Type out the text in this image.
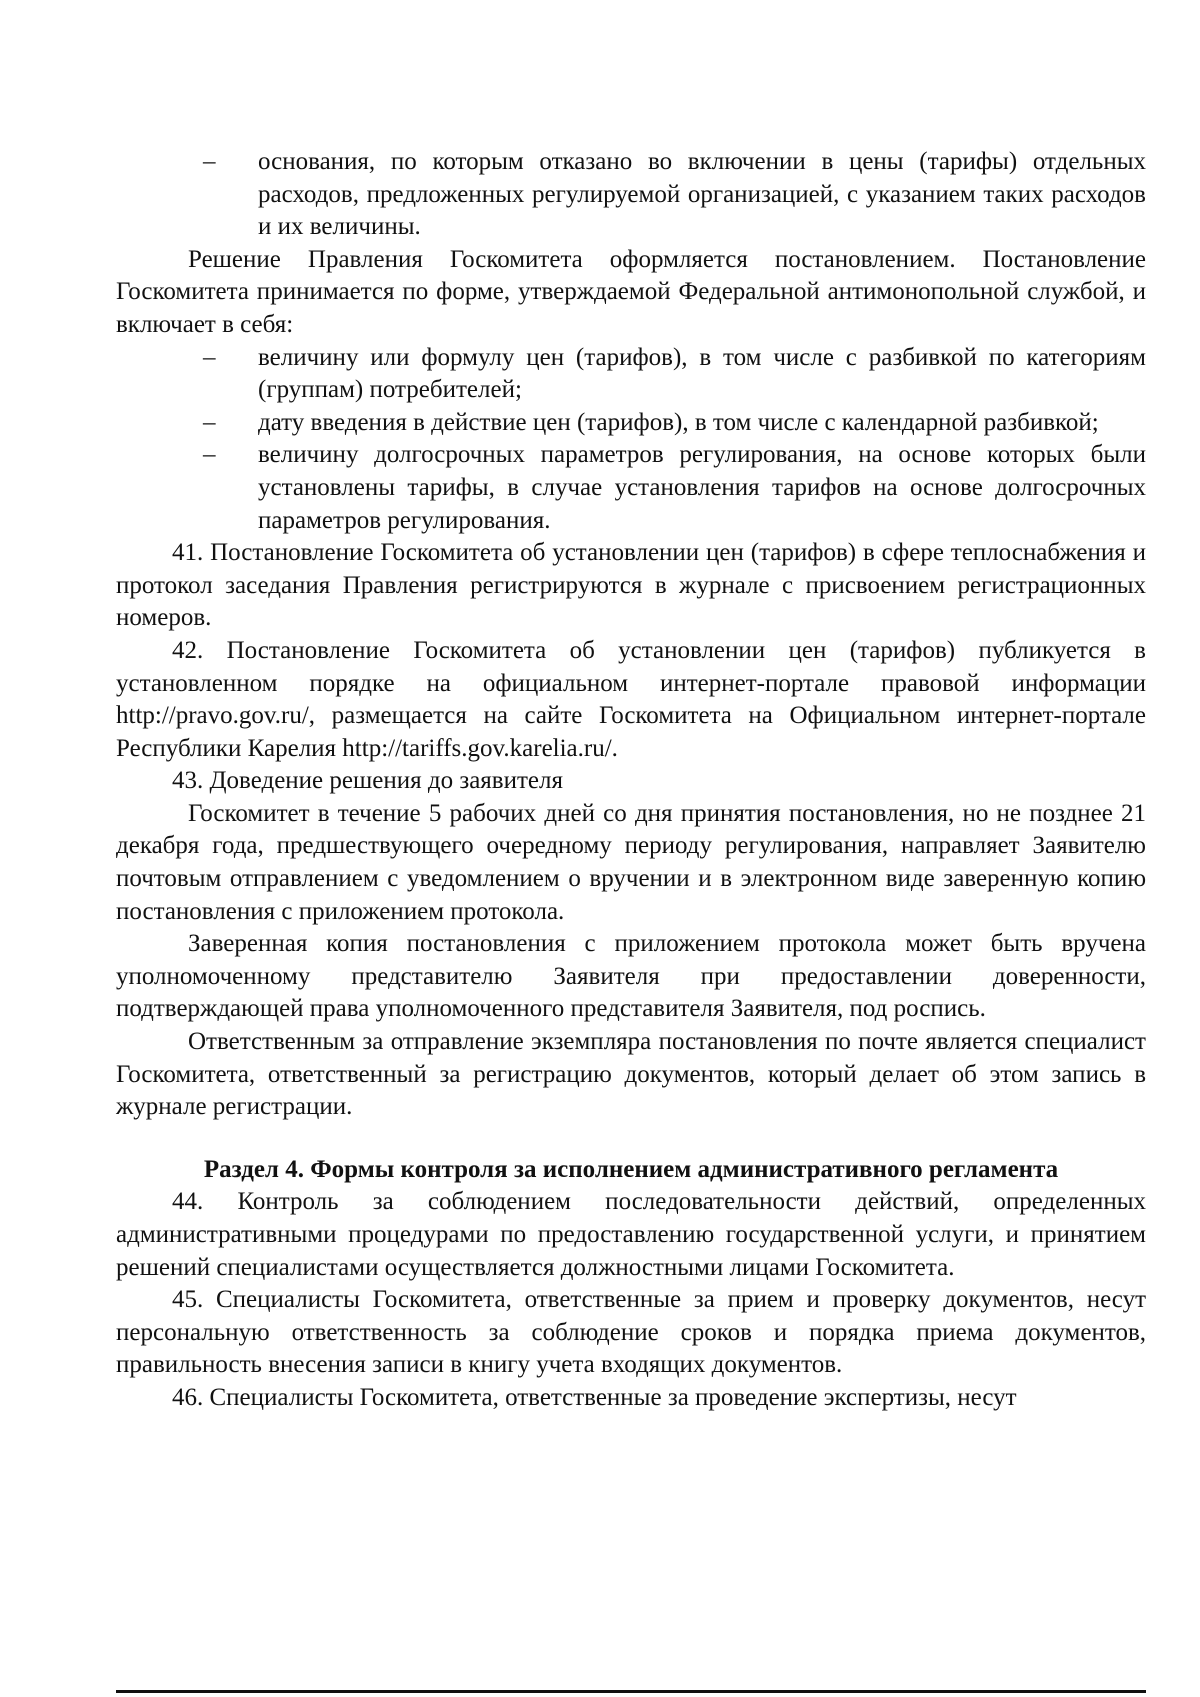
– основания, по которым отказано во включении в цены (тарифы) отдельных расходов, предложенных регулируемой организацией, с указанием таких расходов и их величины.

Решение Правления Госкомитета оформляется постановлением. Постановление Госкомитета принимается по форме, утверждаемой Федеральной антимонопольной службой, и включает в себя:

– величину или формулу цен (тарифов), в том числе с разбивкой по категориям (группам) потребителей;
– дату введения в действие цен (тарифов), в том числе с календарной разбивкой;
– величину долгосрочных параметров регулирования, на основе которых были установлены тарифы, в случае установления тарифов на основе долгосрочных параметров регулирования.

41. Постановление Госкомитета об установлении цен (тарифов) в сфере теплоснабжения и протокол заседания Правления регистрируются в журнале с присвоением регистрационных номеров.

42. Постановление Госкомитета об установлении цен (тарифов) публикуется в установленном порядке на официальном интернет-портале правовой информации http://pravo.gov.ru/, размещается на сайте Госкомитета на Официальном интернет-портале Республики Карелия http://tariffs.gov.karelia.ru/.

43. Доведение решения до заявителя

Госкомитет в течение 5 рабочих дней со дня принятия постановления, но не позднее 21 декабря года, предшествующего очередному периоду регулирования, направляет Заявителю почтовым отправлением с уведомлением о вручении и в электронном виде заверенную копию постановления с приложением протокола.

Заверенная копия постановления с приложением протокола может быть вручена уполномоченному представителю Заявителя при предоставлении доверенности, подтверждающей права уполномоченного представителя Заявителя, под роспись.

Ответственным за отправление экземпляра постановления по почте является специалист Госкомитета, ответственный за регистрацию документов, который делает об этом запись в журнале регистрации.

Раздел 4. Формы контроля за исполнением административного регламента

44. Контроль за соблюдением последовательности действий, определенных административными процедурами по предоставлению государственной услуги, и принятием решений специалистами осуществляется должностными лицами Госкомитета.

45. Специалисты Госкомитета, ответственные за прием и проверку документов, несут персональную ответственность за соблюдение сроков и порядка приема документов, правильность внесения записи в книгу учета входящих документов.

46. Специалисты Госкомитета, ответственные за проведение экспертизы, несут
